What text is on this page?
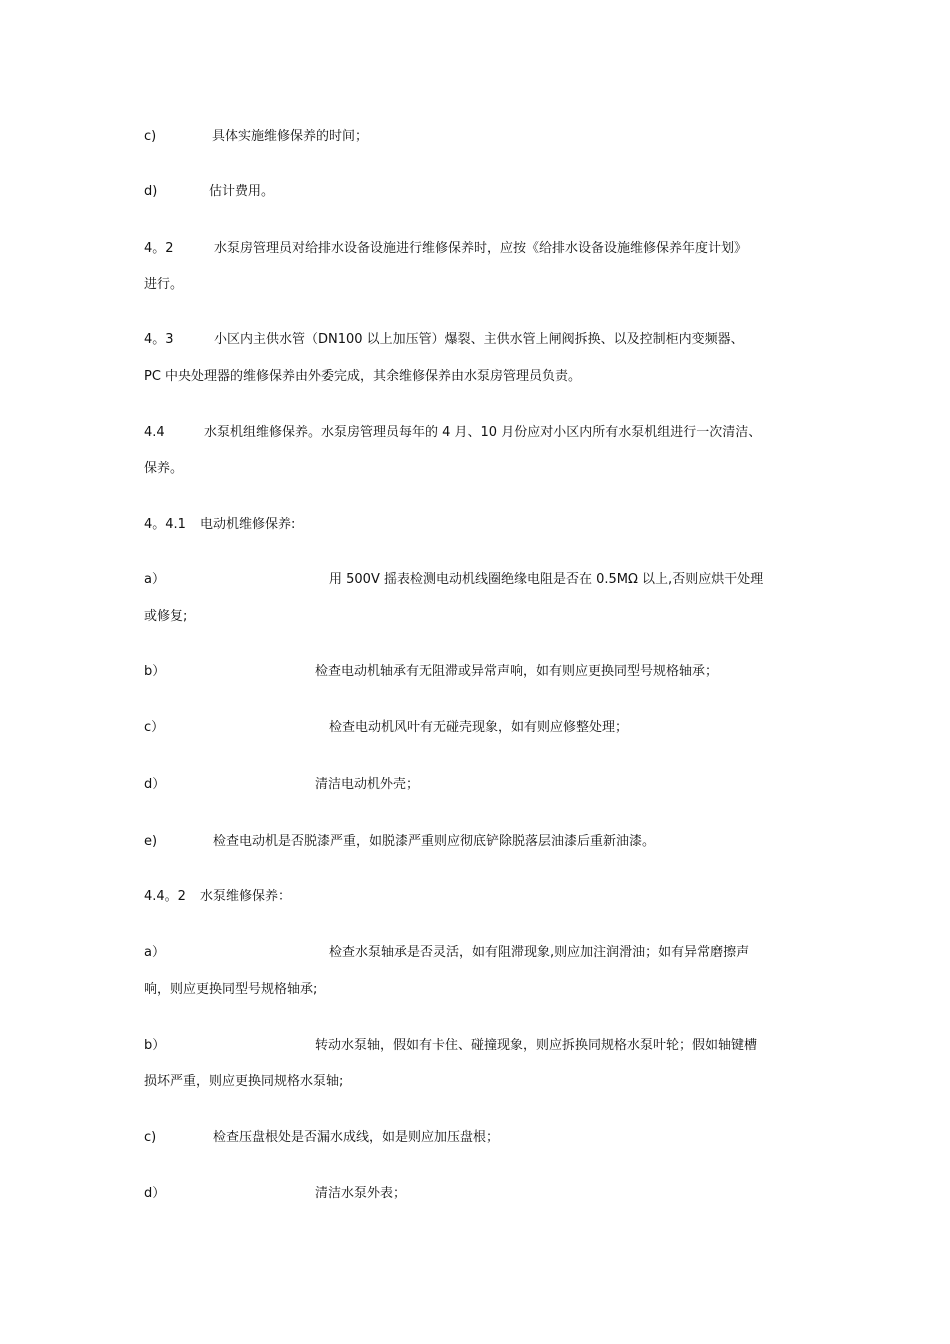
c)	具体实施维修保养的时间；
d)	估计费用。
4。2	水泵房管理员对给排水设备设施进行维修保养时，应按《给排水设备设施维修保养年度计划》
进行。
4。3	小区内主供水管（DN100 以上加压管）爆裂、主供水管上闸阀拆换、以及控制柜内变频器、
PC 中央处理器的维修保养由外委完成，其余维修保养由水泵房管理员负责。
4.4	水泵机组维修保养。水泵房管理员每年的 4 月、10 月份应对小区内所有水泵机组进行一次清洁、
保养。
4。4.1 电动机维修保养:
a）	用 500V 摇表检测电动机线圈绝缘电阻是否在 0.5MΩ 以上,否则应烘干处理
或修复;
b）	检查电动机轴承有无阻滞或异常声响，如有则应更换同型号规格轴承；
c）	检查电动机风叶有无碰壳现象，如有则应修整处理；
d）	清洁电动机外壳；
e)	检查电动机是否脱漆严重，如脱漆严重则应彻底铲除脱落层油漆后重新油漆。
4.4。2 水泵维修保养：
a）	检查水泵轴承是否灵活，如有阻滞现象,则应加注润滑油；如有异常磨擦声
响，则应更换同型号规格轴承;
b）	转动水泵轴，假如有卡住、碰撞现象，则应拆换同规格水泵叶轮；假如轴键槽
损坏严重，则应更换同规格水泵轴;
c)	检查压盘根处是否漏水成线，如是则应加压盘根；
d）	清洁水泵外表；
